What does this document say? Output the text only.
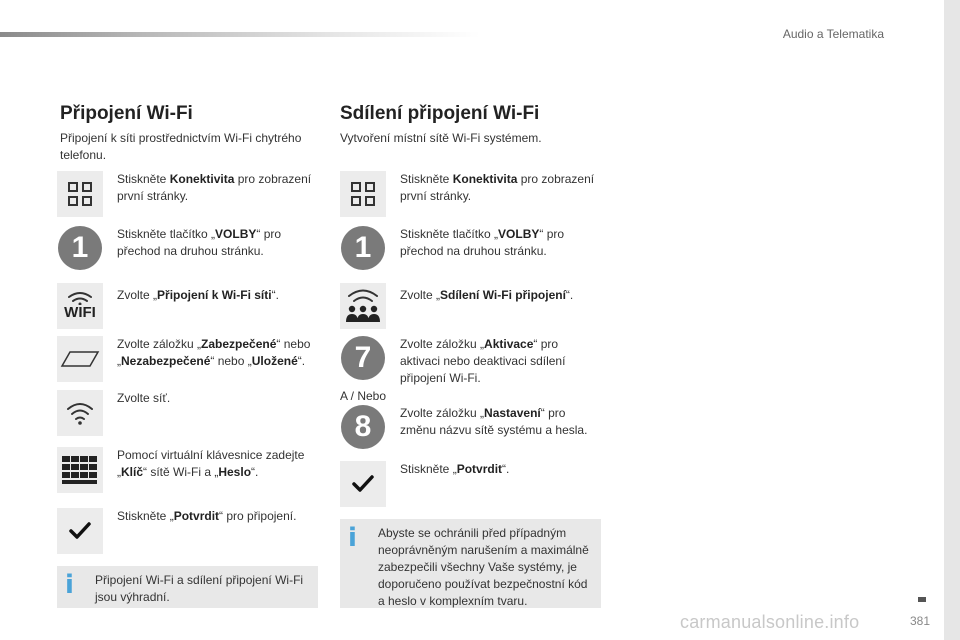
Audio a Telematika
381
carmanualsonline.info
Připojení Wi-Fi

Připojení k síti prostřednictvím Wi-Fi chytrého telefonu.

Stiskněte Konektivita pro zobrazení první stránky.
1	Stiskněte tlačítko „VOLBY“ pro přechod na druhou stránku.
WIFI
Zvolte „Připojení k Wi-Fi síti“.
Zvolte záložku „Zabezpečené“ nebo „Nezabezpečené“ nebo „Uložené“.
Zvolte síť.
Pomocí virtuální klávesnice zadejte „Klíč“ sítě Wi-Fi a „Heslo“.
Stiskněte „Potvrdit“ pro připojení.
i	Připojení Wi-Fi a sdílení připojení Wi-Fi jsou výhradní.
Sdílení připojení Wi-Fi

Vytvoření místní sítě Wi-Fi systémem.

Stiskněte Konektivita pro zobrazení první stránky.
1	Stiskněte tlačítko „VOLBY“ pro přechod na druhou stránku.
Zvolte „Sdílení Wi-Fi připojení“.
7	Zvolte záložku „Aktivace“ pro aktivaci nebo deaktivaci sdílení připojení Wi-Fi.
A / Nebo
8	Zvolte záložku „Nastavení“ pro změnu názvu sítě systému a hesla.
Stiskněte „Potvrdit“.
i	Abyste se ochránili před případným neoprávněným narušením a maximálně zabezpečili všechny Vaše systémy, je doporučeno používat bezpečnostní kód a heslo v komplexním tvaru.
